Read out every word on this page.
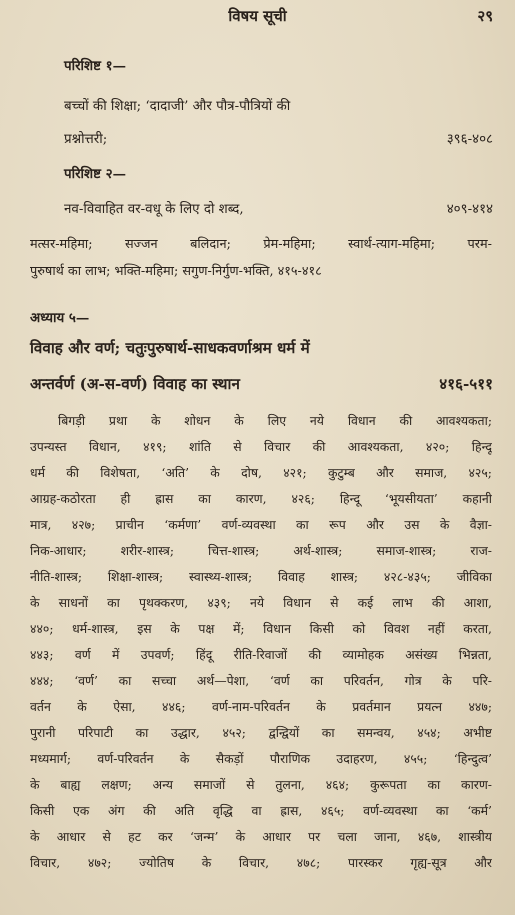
विषय सूची	२९
परिशिष्ट १—
बच्चों की शिक्षा; ‘दादाजी’ और पौत्र-पौत्रियों की
प्रश्नोत्तरी;	३९६-४०८
परिशिष्ट २—
नव-विवाहित वर-वधू के लिए दो शब्द,	४०९-४१४
मत्सर-महिमा; सज्जन बलिदान; प्रेम-महिमा; स्वार्थ-त्याग-महिमा; परम-
पुरुषार्थ का लाभ; भक्ति-महिमा; सगुण-निर्गुण-भक्ति, ४१५-४१८
अध्याय ५—
विवाह और वर्ण; चतुःपुरुषार्थ-साधकवर्णाश्रम धर्म में
अन्तर्वर्ण (अ-स-वर्ण) विवाह का स्थान	४१६-५११
बिगड़ी प्रथा के शोधन के लिए नये विधान की आवश्यकता;
उपन्यस्त विधान, ४१९; शांति से विचार की आवश्यकता, ४२०; हिन्दू
धर्म की विशेषता, ‘अति’ के दोष, ४२१; कुटुम्ब और समाज, ४२५;
आग्रह-कठोरता ही ह्रास का कारण, ४२६; हिन्दू ‘भूयसीयता’ कहानी
मात्र, ४२७; प्राचीन ‘कर्मणा’ वर्ण-व्यवस्था का रूप और उस के वैज्ञा-
निक-आधार; शरीर-शास्त्र; चित्त-शास्त्र; अर्थ-शास्त्र; समाज-शास्त्र; राज-
नीति-शास्त्र; शिक्षा-शास्त्र; स्वास्थ्य-शास्त्र; विवाह शास्त्र; ४२८-४३५; जीविका
के साधनों का पृथक्करण, ४३९; नये विधान से कई लाभ की आशा,
४४०; धर्म-शास्त्र, इस के पक्ष में; विधान किसी को विवश नहीं करता,
४४३; वर्ण में उपवर्ण; हिंदू रीति-रिवाजों की व्यामोहक असंख्य भिन्नता,
४४४; ‘वर्ण’ का सच्चा अर्थ—पेशा, ‘वर्ण का परिवर्तन, गोत्र के परि-
वर्तन के ऐसा, ४४६; वर्ण-नाम-परिवर्तन के प्रवर्तमान प्रयत्न ४४७;
पुरानी परिपाटी का उद्धार, ४५२; द्वन्द्वियों का समन्वय, ४५४; अभीष्ट
मध्यमार्ग; वर्ण-परिवर्तन के सैकड़ों पौराणिक उदाहरण, ४५५; ‘हिन्दुत्व’
के बाह्य लक्षण; अन्य समाजों से तुलना, ४६४; कुरूपता का कारण-
किसी एक अंग की अति वृद्धि वा ह्रास, ४६५; वर्ण-व्यवस्था का ‘कर्म’
के आधार से हट कर ‘जन्म’ के आधार पर चला जाना, ४६७, शास्त्रीय
विचार, ४७२; ज्योतिष के विचार, ४७८; पारस्कर गृह्य-सूत्र और
